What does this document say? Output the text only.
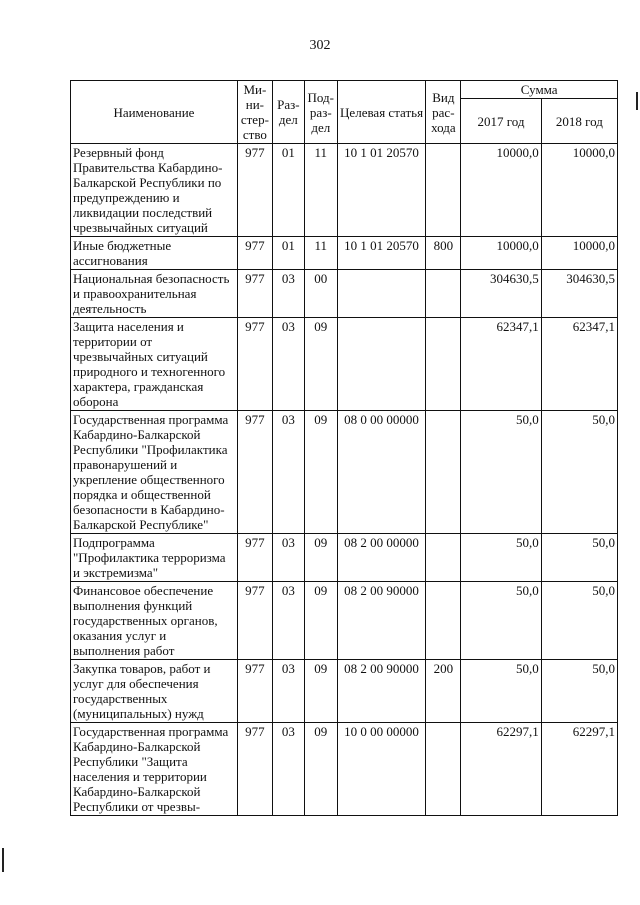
302
Наименование	Ми-ни-стер-ство	Раз-дел	Под-раз-дел	Целевая статья	Вид рас-хода	Сумма	
						2017 год	2018 год
Резервный фонд Правительства Кабардино-Балкарской Республики по предупреждению и ликвидации последствий чрезвычайных ситуаций	977	01	11	10 1 01 20570		10000,0	10000,0
Иные бюджетные ассигнования	977	01	11	10 1 01 20570	800	10000,0	10000,0
Национальная безопасность и правоохранительная деятельность	977	03	00			304630,5	304630,5
Защита населения и территории от чрезвычайных ситуаций природного и техногенного характера, гражданская оборона	977	03	09			62347,1	62347,1
Государственная программа Кабардино-Балкарской Республики "Профилактика правонарушений и укрепление общественного порядка и общественной безопасности в Кабардино-Балкарской Республике"	977	03	09	08 0 00 00000		50,0	50,0
Подпрограмма "Профилактика терроризма и экстремизма"	977	03	09	08 2 00 00000		50,0	50,0
Финансовое обеспечение выполнения функций государственных органов, оказания услуг и выполнения работ	977	03	09	08 2 00 90000		50,0	50,0
Закупка товаров, работ и услуг для обеспечения государственных (муниципальных) нужд	977	03	09	08 2 00 90000	200	50,0	50,0
Государственная программа Кабардино-Балкарской Республики "Защита населения и территории Кабардино-Балкарской Республики от чрезвы-	977	03	09	10 0 00 00000		62297,1	62297,1
